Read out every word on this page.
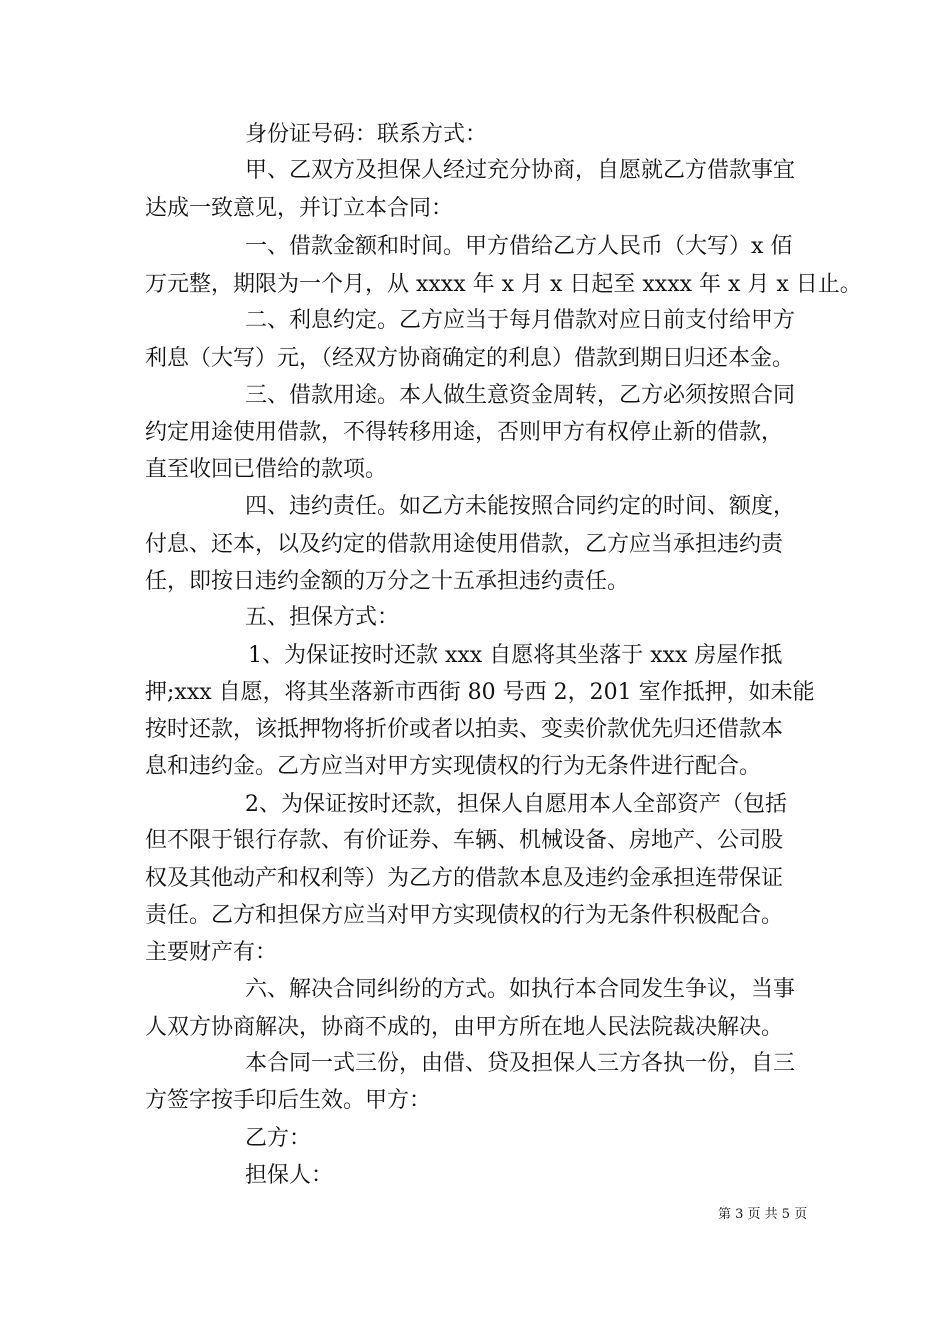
身份证号码：联系方式：
甲、乙双方及担保人经过充分协商，自愿就乙方借款事宜
达成一致意见，并订立本合同：
一、借款金额和时间。甲方借给乙方人民币（大写）x 佰
万元整，期限为一个月，从 xxxx 年 x 月 x 日起至 xxxx 年 x 月 x 日止。
二、利息约定。乙方应当于每月借款对应日前支付给甲方
利息（大写）元，（经双方协商确定的利息）借款到期日归还本金。
三、借款用途。本人做生意资金周转，乙方必须按照合同
约定用途使用借款，不得转移用途，否则甲方有权停止新的借款，
直至收回已借给的款项。
四、违约责任。如乙方未能按照合同约定的时间、额度，
付息、还本，以及约定的借款用途使用借款，乙方应当承担违约责
任，即按日违约金额的万分之十五承担违约责任。
五、担保方式：
1、为保证按时还款 xxx 自愿将其坐落于 xxx 房屋作抵
押;xxx 自愿，将其坐落新市西街 80 号西 2，201 室作抵押，如未能
按时还款，该抵押物将折价或者以拍卖、变卖价款优先归还借款本
息和违约金。乙方应当对甲方实现债权的行为无条件进行配合。
2、为保证按时还款，担保人自愿用本人全部资产（包括
但不限于银行存款、有价证券、车辆、机械设备、房地产、公司股
权及其他动产和权利等）为乙方的借款本息及违约金承担连带保证
责任。乙方和担保方应当对甲方实现债权的行为无条件积极配合。
主要财产有：
六、解决合同纠纷的方式。如执行本合同发生争议，当事
人双方协商解决，协商不成的，由甲方所在地人民法院裁决解决。
本合同一式三份，由借、贷及担保人三方各执一份，自三
方签字按手印后生效。甲方：
乙方：
担保人：
第 3 页 共 5 页
